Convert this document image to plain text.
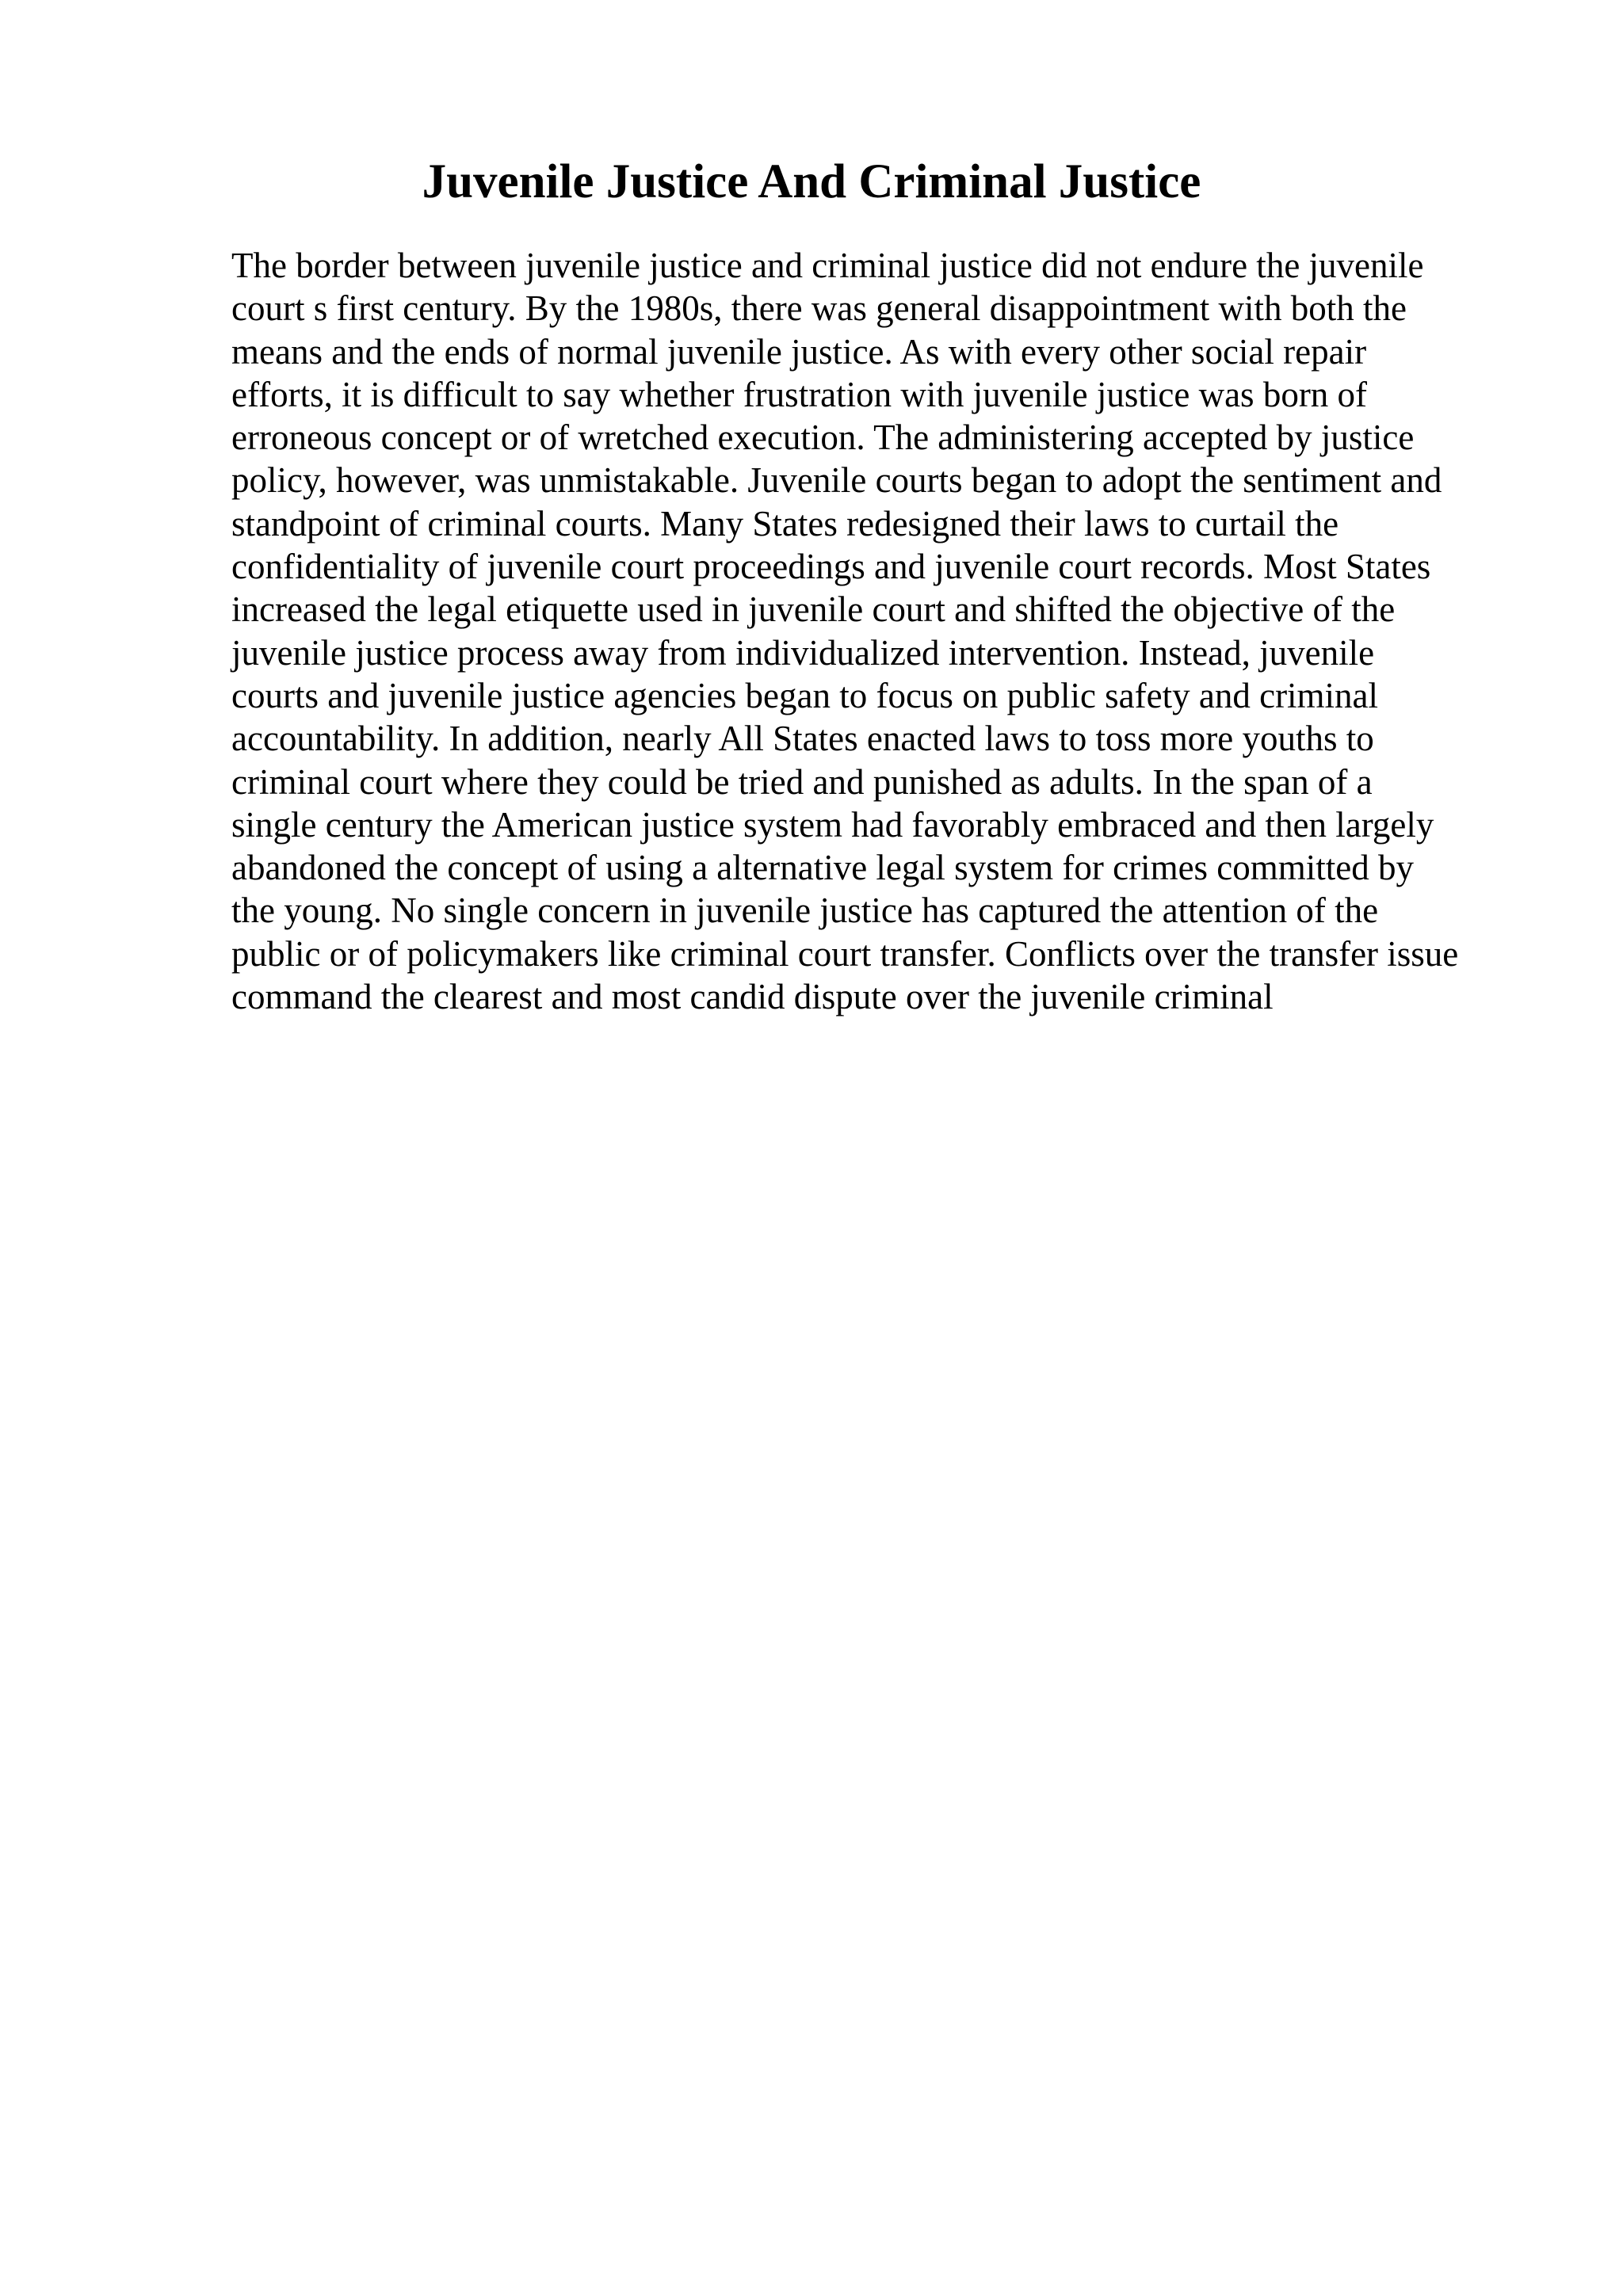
Juvenile Justice And Criminal Justice
The border between juvenile justice and criminal justice did not endure the juvenile
court s first century. By the 1980s, there was general disappointment with both the
means and the ends of normal juvenile justice. As with every other social repair
efforts, it is difficult to say whether frustration with juvenile justice was born of
erroneous concept or of wretched execution. The administering accepted by justice
policy, however, was unmistakable. Juvenile courts began to adopt the sentiment and
standpoint of criminal courts. Many States redesigned their laws to curtail the
confidentiality of juvenile court proceedings and juvenile court records. Most States
increased the legal etiquette used in juvenile court and shifted the objective of the
juvenile justice process away from individualized intervention. Instead, juvenile
courts and juvenile justice agencies began to focus on public safety and criminal
accountability. In addition, nearly All States enacted laws to toss more youths to
criminal court where they could be tried and punished as adults. In the span of a
single century the American justice system had favorably embraced and then largely
abandoned the concept of using a alternative legal system for crimes committed by
the young. No single concern in juvenile justice has captured the attention of the
public or of policymakers like criminal court transfer. Conflicts over the transfer issue
command the clearest and most candid dispute over the juvenile criminal
